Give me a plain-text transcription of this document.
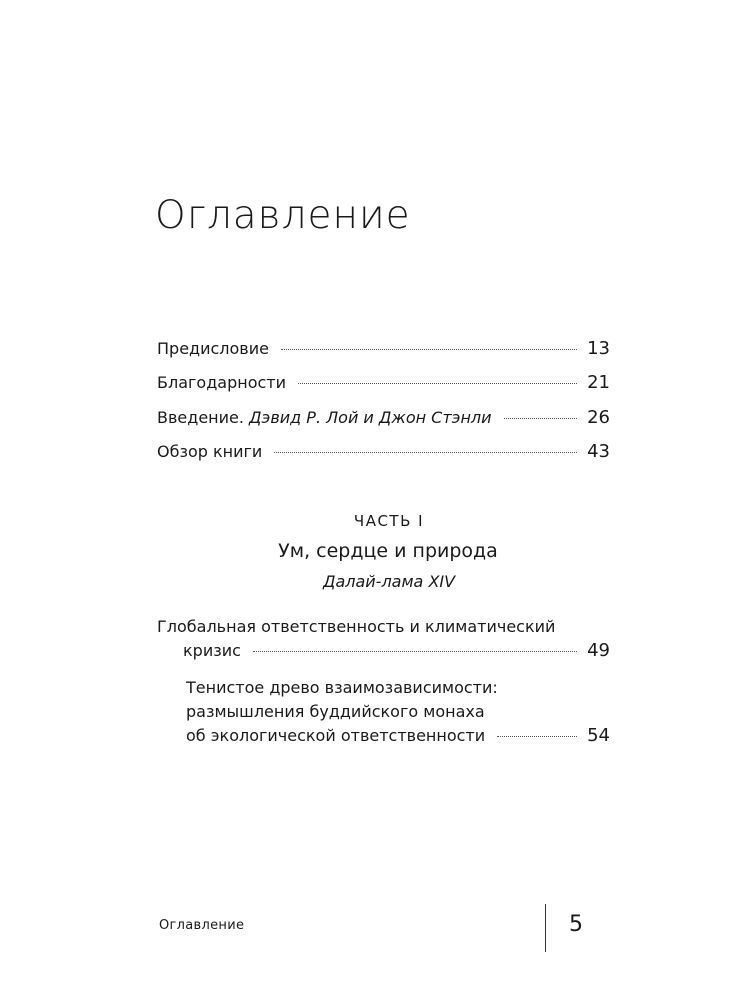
Оглавление
Предисловие	13
Благодарности	21
Введение. Дэвид Р. Лой и Джон Стэнли	26
Обзор книги	43
ЧАСТЬ I
Ум, сердце и природа
Далай-лама XIV
Глобальная ответственность и климатический
кризис	49
Тенистое древо взаимозависимости:
размышления буддийского монаха
об экологической ответственности	54
Оглавление	5
